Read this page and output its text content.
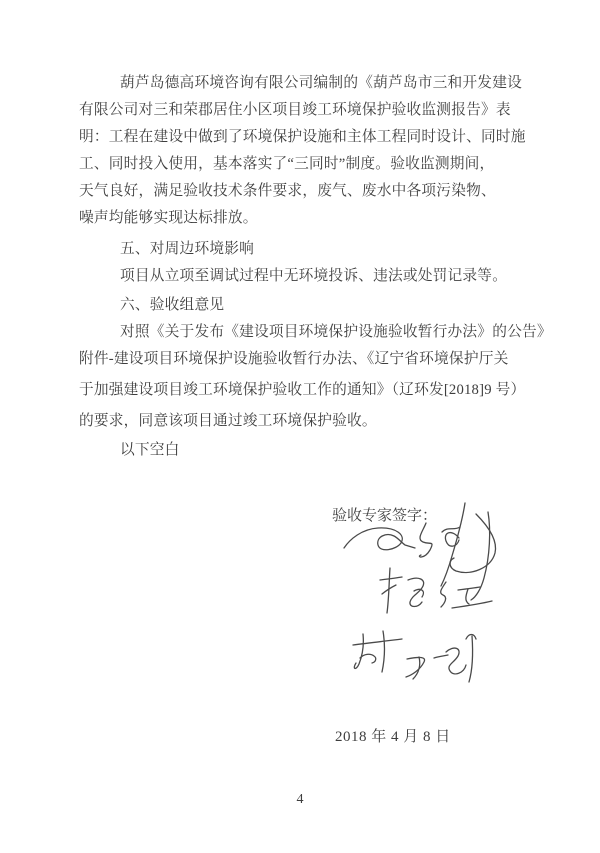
葫芦岛德高环境咨询有限公司编制的《葫芦岛市三和开发建设
有限公司对三和荣郡居住小区项目竣工环境保护验收监测报告》表
明：工程在建设中做到了环境保护设施和主体工程同时设计、同时施
工、同时投入使用，基本落实了“三同时”制度。验收监测期间，
天气良好，满足验收技术条件要求，废气、废水中各项污染物、
噪声均能够实现达标排放。
五、对周边环境影响
项目从立项至调试过程中无环境投诉、违法或处罚记录等。
六、验收组意见
对照《关于发布《建设项目环境保护设施验收暂行办法》的公告》
附件-建设项目环境保护设施验收暂行办法、《辽宁省环境保护厅关
于加强建设项目竣工环境保护验收工作的通知》（辽环发[2018]9 号）
的要求，同意该项目通过竣工环境保护验收。
以下空白
验收专家签字：
2018 年 4 月 8 日
4
